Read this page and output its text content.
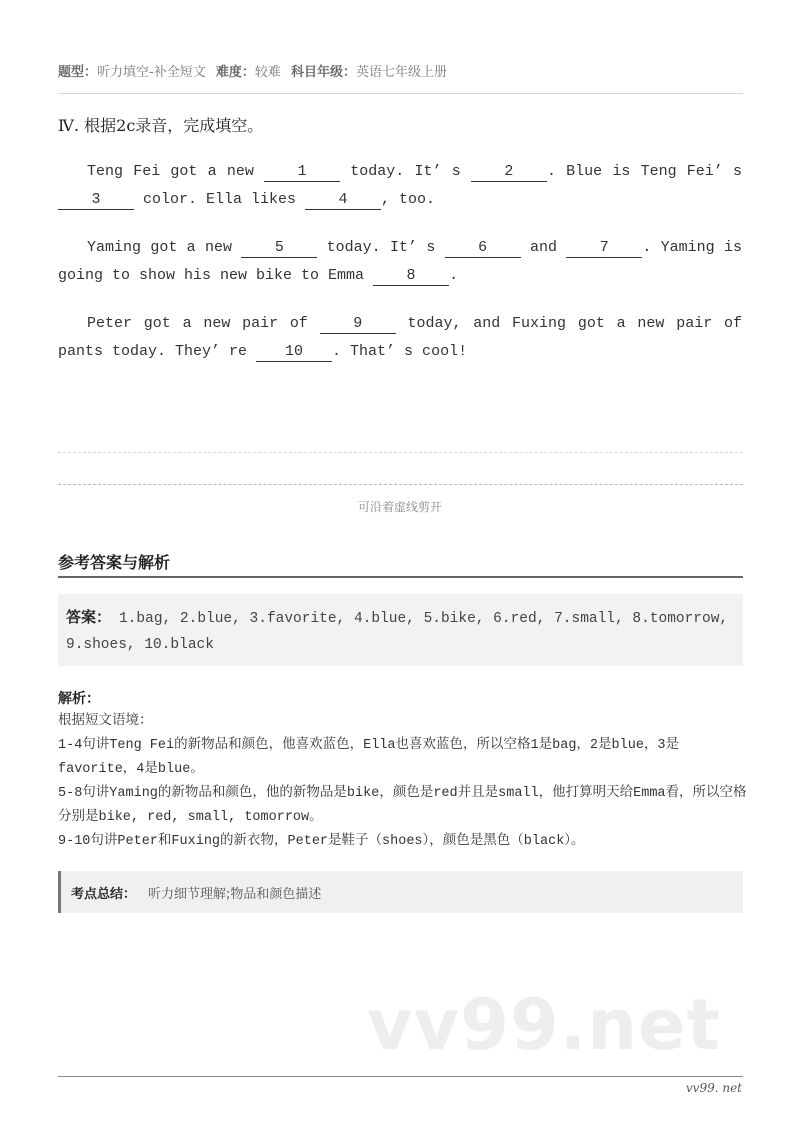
题型：听力填空-补全短文 难度：较难 科目年级：英语七年级上册
Ⅳ. 根据2c录音，完成填空。
Teng Fei got a new 1 today. It’ s 2 . Blue is Teng Fei’ s 3 color. Ella likes 4 , too.
Yaming got a new 5 today. It’ s 6 and 7 . Yaming is going to show his new bike to Emma 8 .
Peter got a new pair of 9 today, and Fuxing got a new pair of pants today. They’ re 10 . That’ s cool!
可沿着虚线剪开
参考答案与解析
答案： 1.bag, 2.blue, 3.favorite, 4.blue, 5.bike, 6.red, 7.small, 8.tomorrow, 9.shoes, 10.black
解析：
根据短文语境：
1-4句讲Teng Fei的新物品和颜色，他喜欢蓝色，Ella也喜欢蓝色，所以空格1是bag，2是blue，3是favorite，4是blue。
5-8句讲Yaming的新物品和颜色，他的新物品是bike，颜色是red并且是small，他打算明天给Emma看，所以空格分别是bike, red, small, tomorrow。
9-10句讲Peter和Fuxing的新衣物，Peter是鞋子（shoes），颜色是黑色（black）。
考点总结： 听力细节理解;物品和颜色描述
vv99.net
vv99. net
